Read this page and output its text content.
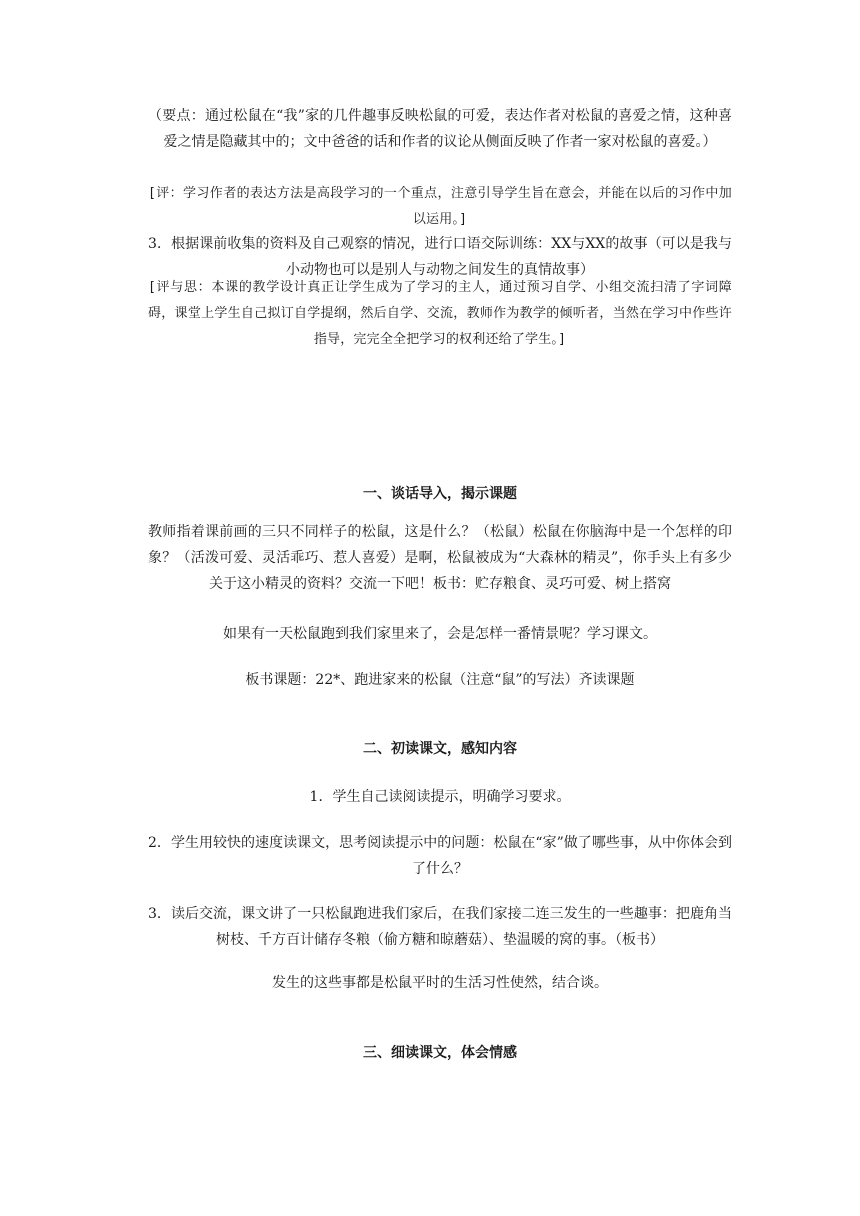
（要点：通过松鼠在“我”家的几件趣事反映松鼠的可爱，表达作者对松鼠的喜爱之情，这种喜爱之情是隐藏其中的；文中爸爸的话和作者的议论从侧面反映了作者一家对松鼠的喜爱。）

[评：学习作者的表达方法是高段学习的一个重点，注意引导学生旨在意会，并能在以后的习作中加以运用。]

3．根据课前收集的资料及自己观察的情况，进行口语交际训练：XX与XX的故事（可以是我与小动物也可以是别人与动物之间发生的真情故事）

[评与思：本课的教学设计真正让学生成为了学习的主人，通过预习自学、小组交流扫清了字词障碍，课堂上学生自己拟订自学提纲，然后自学、交流，教师作为教学的倾听者，当然在学习中作些许指导，完完全全把学习的权利还给了学生。]

一、谈话导入，揭示课题

教师指着课前画的三只不同样子的松鼠，这是什么？（松鼠）松鼠在你脑海中是一个怎样的印象？（活泼可爱、灵活乖巧、惹人喜爱）是啊，松鼠被成为“大森林的精灵”，你手头上有多少关于这小精灵的资料？交流一下吧！板书：贮存粮食、灵巧可爱、树上搭窝

如果有一天松鼠跑到我们家里来了，会是怎样一番情景呢？学习课文。

板书课题：22*、跑进家来的松鼠（注意“鼠”的写法）齐读课题

二、初读课文，感知内容

1．学生自己读阅读提示，明确学习要求。

2．学生用较快的速度读课文，思考阅读提示中的问题：松鼠在“家”做了哪些事，从中你体会到了什么？

3．读后交流，课文讲了一只松鼠跑进我们家后，在我们家接二连三发生的一些趣事：把鹿角当树枝、千方百计储存冬粮（偷方糖和晾蘑菇）、垫温暖的窝的事。（板书）

发生的这些事都是松鼠平时的生活习性使然，结合谈。

三、细读课文，体会情感
